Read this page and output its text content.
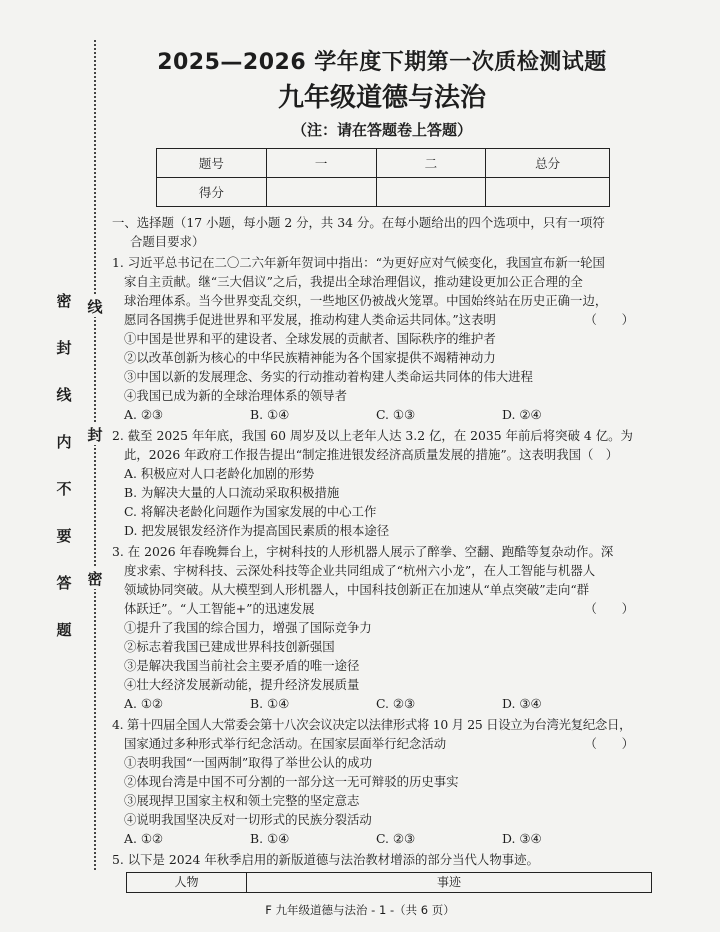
密
封
线
内
不
要
答
题
线
封
密
2025—2026 学年度下期第一次质检测试题
九年级道德与法治
（注：请在答题卷上答题）
题号	一	二	总分
得分			
一、选择题（17 小题，每小题 2 分，共 34 分。在每小题给出的四个选项中，只有一项符
合题目要求）
1. 习近平总书记在二〇二六年新年贺词中指出：“为更好应对气候变化，我国宣布新一轮国
家自主贡献。继“三大倡议”之后，我提出全球治理倡议，推动建设更加公正合理的全
球治理体系。当今世界变乱交织，一些地区仍被战火笼罩。中国始终站在历史正确一边，
愿同各国携手促进世界和平发展，推动构建人类命运共同体。”这表明	（　　）
①中国是世界和平的建设者、全球发展的贡献者、国际秩序的维护者
②以改革创新为核心的中华民族精神能为各个国家提供不竭精神动力
③中国以新的发展理念、务实的行动推动着构建人类命运共同体的伟大进程
④我国已成为新的全球治理体系的领导者
A. ②③	B. ①④	C. ①③	D. ②④
2. 截至 2025 年年底，我国 60 周岁及以上老年人达 3.2 亿，在 2035 年前后将突破 4 亿。为
此，2026 年政府工作报告提出“制定推进银发经济高质量发展的措施”。这表明我国（　）
A. 积极应对人口老龄化加剧的形势
B. 为解决大量的人口流动采取积极措施
C. 将解决老龄化问题作为国家发展的中心工作
D. 把发展银发经济作为提高国民素质的根本途径
3. 在 2026 年春晚舞台上，宇树科技的人形机器人展示了醉拳、空翻、跑酷等复杂动作。深
度求索、宇树科技、云深处科技等企业共同组成了“杭州六小龙”，在人工智能与机器人
领域协同突破。从大模型到人形机器人，中国科技创新正在加速从“单点突破”走向“群
体跃迁”。“人工智能+”的迅速发展	（　　）
①提升了我国的综合国力，增强了国际竞争力
②标志着我国已建成世界科技创新强国
③是解决我国当前社会主要矛盾的唯一途径
④壮大经济发展新动能，提升经济发展质量
A. ①②	B. ①④	C. ②③	D. ③④
4. 第十四届全国人大常委会第十八次会议决定以法律形式将 10 月 25 日设立为台湾光复纪念日，
国家通过多种形式举行纪念活动。在国家层面举行纪念活动	（　　）
①表明我国“一国两制”取得了举世公认的成功
②体现台湾是中国不可分割的一部分这一无可辩驳的历史事实
③展现捍卫国家主权和领土完整的坚定意志
④说明我国坚决反对一切形式的民族分裂活动
A. ①②	B. ①④	C. ②③	D. ③④
5. 以下是 2024 年秋季启用的新版道德与法治教材增添的部分当代人物事迹。
人物	事迹
F 九年级道德与法治 - 1 -（共 6 页）
